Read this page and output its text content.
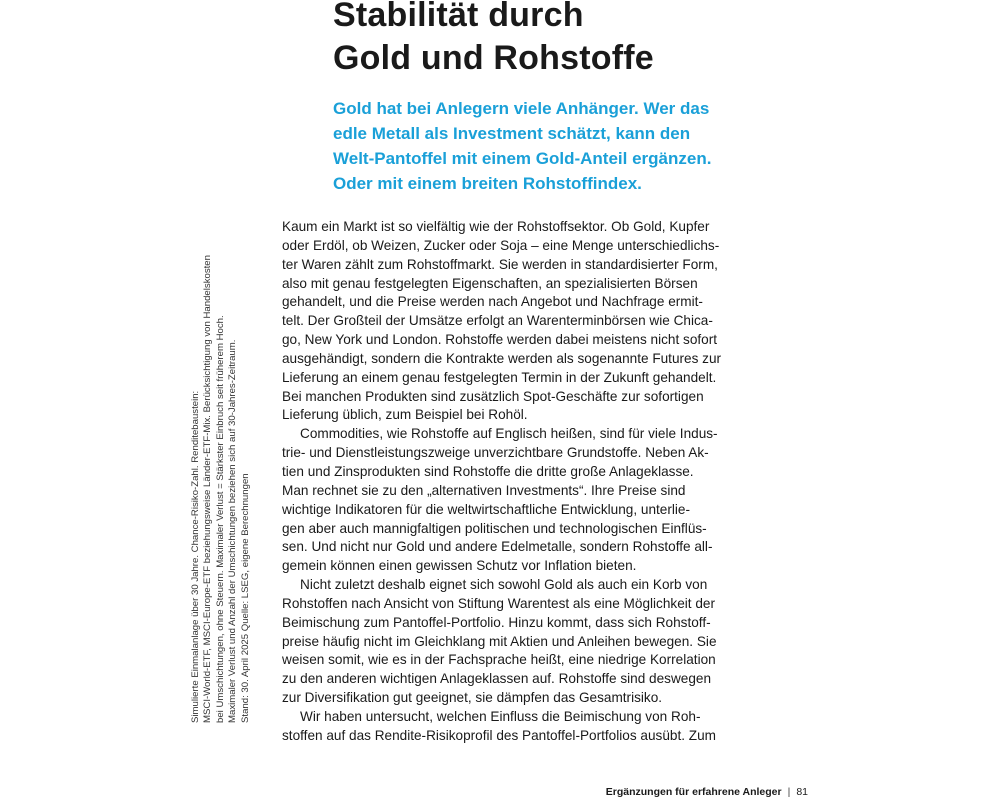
Stabilität durch
Gold und Rohstoffe
Gold hat bei Anlegern viele Anhänger. Wer das
edle Metall als Investment schätzt, kann den
Welt-Pantoffel mit einem Gold-Anteil ergänzen.
Oder mit einem breiten Rohstoffindex.
Kaum ein Markt ist so vielfältig wie der Rohstoffsektor. Ob Gold, Kupfer
oder Erdöl, ob Weizen, Zucker oder Soja – eine Menge unterschiedlichs-
ter Waren zählt zum Rohstoffmarkt. Sie werden in standardisierter Form,
also mit genau festgelegten Eigenschaften, an spezialisierten Börsen
gehandelt, und die Preise werden nach Angebot und Nachfrage ermit-
telt. Der Großteil der Umsätze erfolgt an Warenterminbörsen wie Chica-
go, New York und London. Rohstoffe werden dabei meistens nicht sofort
ausgehändigt, sondern die Kontrakte werden als sogenannte Futures zur
Lieferung an einem genau festgelegten Termin in der Zukunft gehandelt.
Bei manchen Produkten sind zusätzlich Spot-Geschäfte zur sofortigen
Lieferung üblich, zum Beispiel bei Rohöl.
Commodities, wie Rohstoffe auf Englisch heißen, sind für viele Indus-
trie- und Dienstleistungszweige unverzichtbare Grundstoffe. Neben Ak-
tien und Zinsprodukten sind Rohstoffe die dritte große Anlageklasse.
Man rechnet sie zu den „alternativen Investments“. Ihre Preise sind
wichtige Indikatoren für die weltwirtschaftliche Entwicklung, unterlie-
gen aber auch mannigfaltigen politischen und technologischen Einflüs-
sen. Und nicht nur Gold und andere Edelmetalle, sondern Rohstoffe all-
gemein können einen gewissen Schutz vor Inflation bieten.
Nicht zuletzt deshalb eignet sich sowohl Gold als auch ein Korb von
Rohstoffen nach Ansicht von Stiftung Warentest als eine Möglichkeit der
Beimischung zum Pantoffel-Portfolio. Hinzu kommt, dass sich Rohstoff-
preise häufig nicht im Gleichklang mit Aktien und Anleihen bewegen. Sie
weisen somit, wie es in der Fachsprache heißt, eine niedrige Korrelation
zu den anderen wichtigen Anlageklassen auf. Rohstoffe sind deswegen
zur Diversifikation gut geeignet, sie dämpfen das Gesamtrisiko.
Wir haben untersucht, welchen Einfluss die Beimischung von Roh-
stoffen auf das Rendite-Risikoprofil des Pantoffel-Portfolios ausübt. Zum
Simulierte Einmalanlage über 30 Jahre. Chance-Risiko-Zahl. Renditebaustein: MSCI-World-ETF, MSCI-Europe-ETF beziehungsweise Länder-ETF-Mix. Berücksichtigung von Handelskosten bei Umschichtungen, ohne Steuern. Maximaler Verlust = Stärkster Einbruch seit früherem Hoch. Maximaler Verlust und Anzahl der Umschichtungen beziehen sich auf 30-Jahres-Zeitraum. Stand: 30. April 2025 Quelle: LSEG, eigene Berechnungen
Ergänzungen für erfahrene Anleger | 81
